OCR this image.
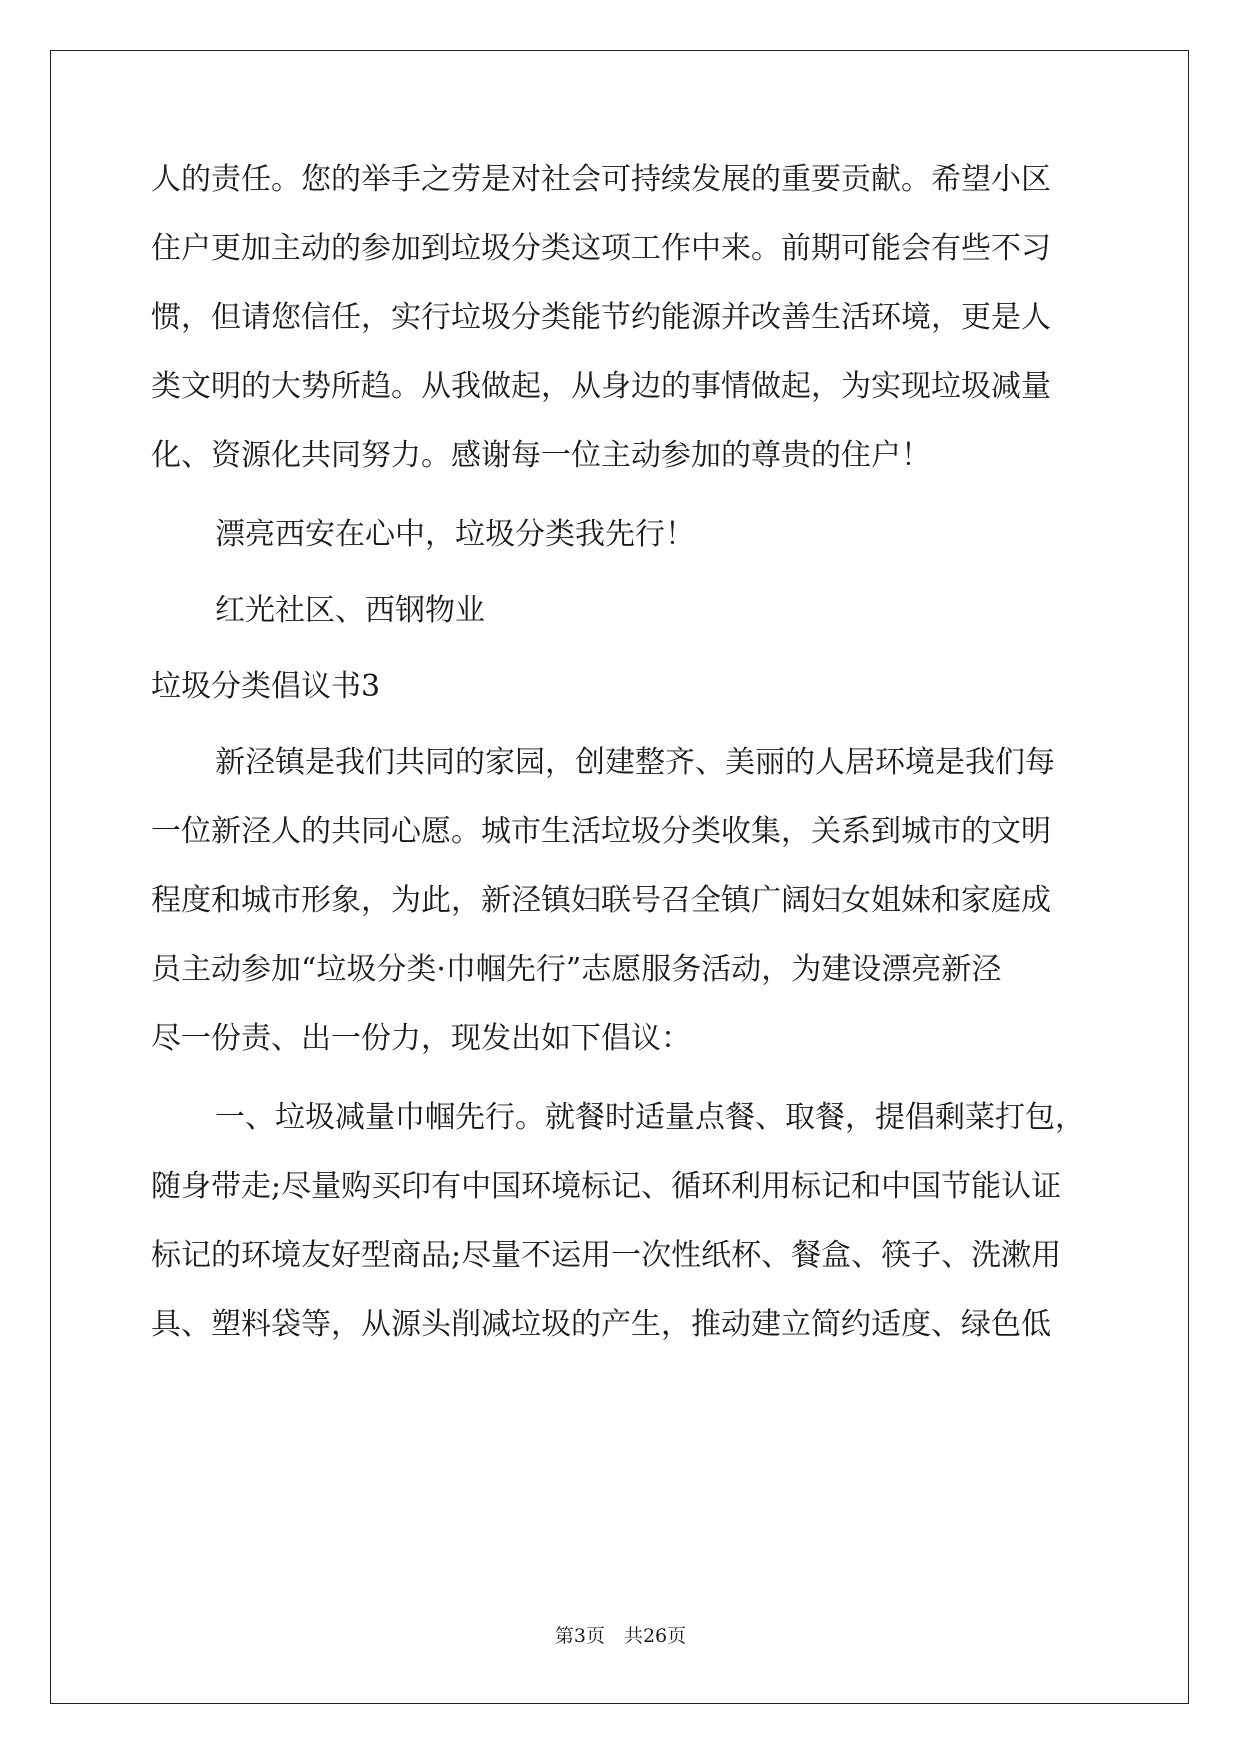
人的责任。您的举手之劳是对社会可持续发展的重要贡献。希望小区
住户更加主动的参加到垃圾分类这项工作中来。前期可能会有些不习
惯，但请您信任，实行垃圾分类能节约能源并改善生活环境，更是人
类文明的大势所趋。从我做起，从身边的事情做起，为实现垃圾减量
化、资源化共同努力。感谢每一位主动参加的尊贵的住户！
漂亮西安在心中，垃圾分类我先行！
红光社区、西钢物业
垃圾分类倡议书3
新泾镇是我们共同的家园，创建整齐、美丽的人居环境是我们每
一位新泾人的共同心愿。城市生活垃圾分类收集，关系到城市的文明
程度和城市形象，为此，新泾镇妇联号召全镇广阔妇女姐妹和家庭成
员主动参加“垃圾分类·巾帼先行”志愿服务活动，为建设漂亮新泾
尽一份责、出一份力，现发出如下倡议：
一、垃圾减量巾帼先行。就餐时适量点餐、取餐，提倡剩菜打包，
随身带走;尽量购买印有中国环境标记、循环利用标记和中国节能认证
标记的环境友好型商品;尽量不运用一次性纸杯、餐盒、筷子、洗漱用
具、塑料袋等，从源头削减垃圾的产生，推动建立简约适度、绿色低
第3页　共26页
